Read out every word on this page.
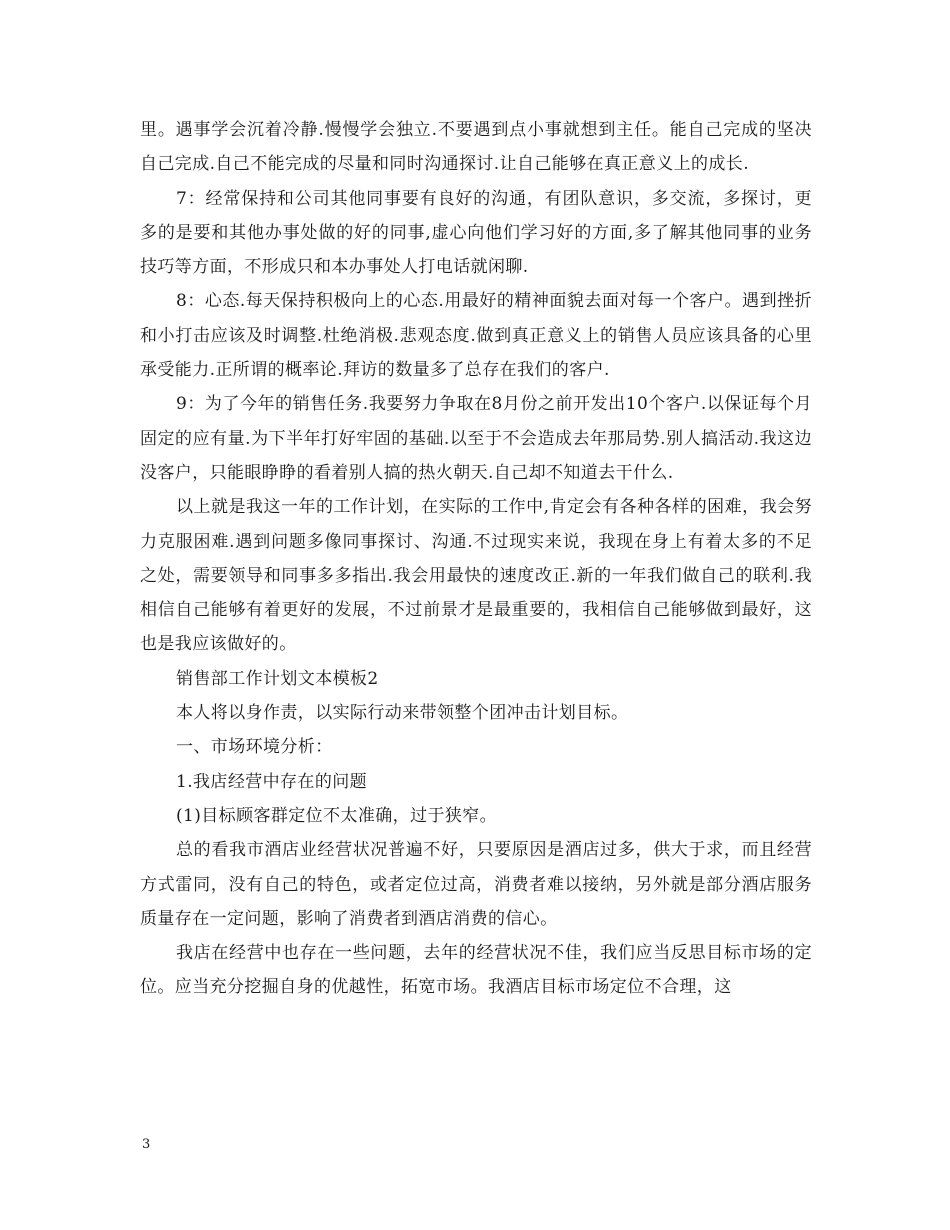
里。遇事学会沉着冷静.慢慢学会独立.不要遇到点小事就想到主任。能自己完成的坚决自己完成.自己不能完成的尽量和同时沟通探讨.让自己能够在真正意义上的成长.

7：经常保持和公司其他同事要有良好的沟通，有团队意识，多交流，多探讨，更多的是要和其他办事处做的好的同事,虚心向他们学习好的方面,多了解其他同事的业务技巧等方面，不形成只和本办事处人打电话就闲聊.

8：心态.每天保持积极向上的心态.用最好的精神面貌去面对每一个客户。遇到挫折和小打击应该及时调整.杜绝消极.悲观态度.做到真正意义上的销售人员应该具备的心里承受能力.正所谓的概率论.拜访的数量多了总存在我们的客户.

9：为了今年的销售任务.我要努力争取在8月份之前开发出10个客户.以保证每个月固定的应有量.为下半年打好牢固的基础.以至于不会造成去年那局势.别人搞活动.我这边没客户，只能眼睁睁的看着别人搞的热火朝天.自己却不知道去干什么.

以上就是我这一年的工作计划，在实际的工作中,肯定会有各种各样的困难，我会努力克服困难.遇到问题多像同事探讨、沟通.不过现实来说，我现在身上有着太多的不足之处，需要领导和同事多多指出.我会用最快的速度改正.新的一年我们做自己的联利.我相信自己能够有着更好的发展，不过前景才是最重要的，我相信自己能够做到最好，这也是我应该做好的。

销售部工作计划文本模板2

本人将以身作责，以实际行动来带领整个团冲击计划目标。

一、市场环境分析：

1.我店经营中存在的问题

(1)目标顾客群定位不太准确，过于狭窄。

总的看我市酒店业经营状况普遍不好，只要原因是酒店过多，供大于求，而且经营方式雷同，没有自己的特色，或者定位过高，消费者难以接纳，另外就是部分酒店服务质量存在一定问题，影响了消费者到酒店消费的信心。

我店在经营中也存在一些问题，去年的经营状况不佳，我们应当反思目标市场的定位。应当充分挖掘自身的优越性，拓宽市场。我酒店目标市场定位不合理，这

3
